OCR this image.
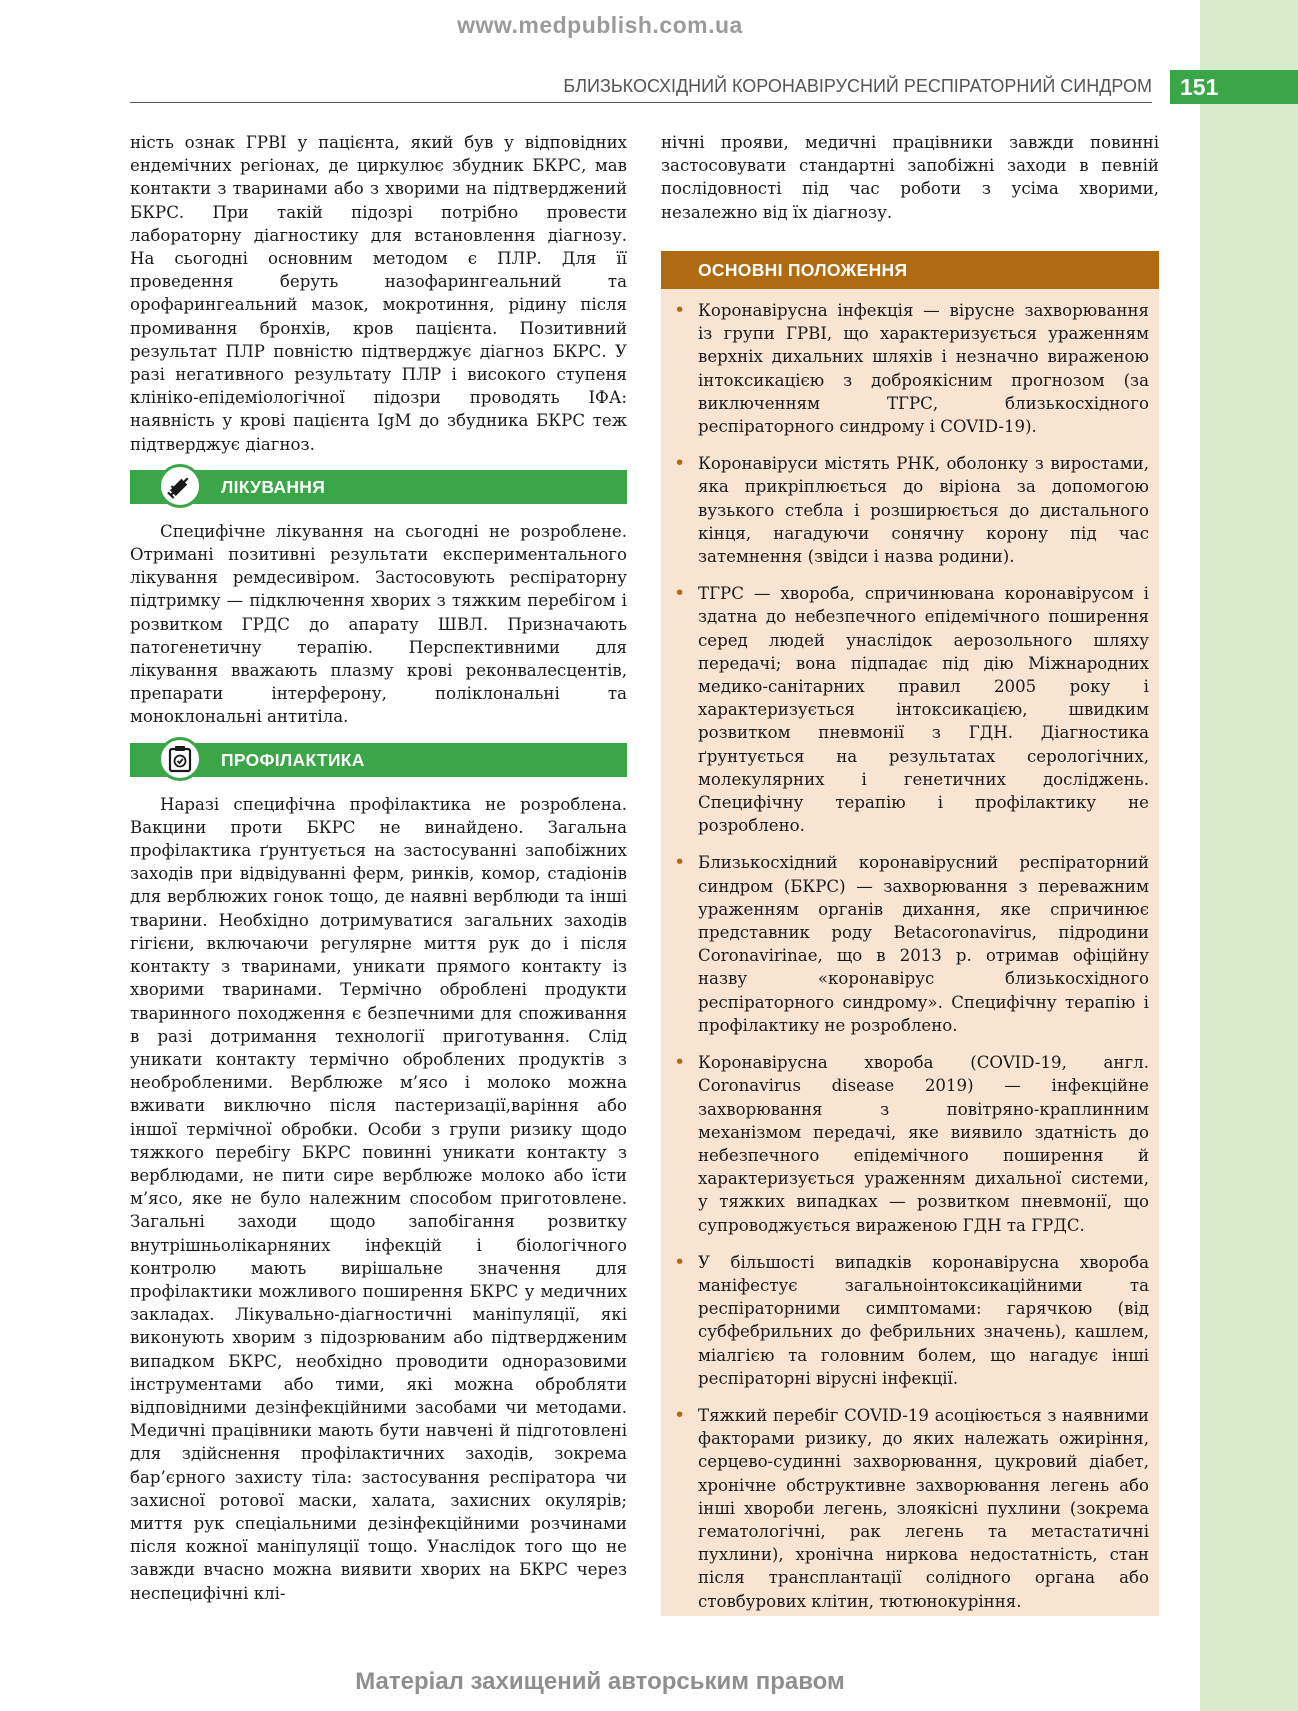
www.medpublish.com.ua
БЛИЗЬКОСХІДНИЙ КОРОНАВІРУСНИЙ РЕСПІРАТОРНИЙ СИНДРОМ	151

ність ознак ГРВІ у пацієнта, який був у відповідних ендемічних регіонах, де циркулює збудник БКРС, мав контакти з тваринами або з хворими на підтверджений БКРС. При такій підозрі потрібно провести лабораторну діагностику для встановлення діагнозу. На сьогодні основним методом є ПЛР. Для її проведення беруть назофарингеальний та орофарингеальний мазок, мокротиння, рідину після промивання бронхів, кров пацієнта. Позитивний результат ПЛР повністю підтверджує діагноз БКРС. У разі негативного результату ПЛР і високого ступеня клініко-епідеміологічної підозри проводять ІФА: наявність у крові пацієнта IgM до збудника БКРС теж підтверджує діагноз.

ЛІКУВАННЯ

Специфічне лікування на сьогодні не розроблене. Отримані позитивні результати експериментального лікування ремдесивіром. Застосовують респіраторну підтримку — підключення хворих з тяжким перебігом і розвитком ГРДС до апарату ШВЛ. Призначають патогенетичну терапію. Перспективними для лікування вважають плазму крові реконвалесцентів, препарати інтерферону, поліклональні та моноклональні антитіла.

ПРОФІЛАКТИКА

Наразі специфічна профілактика не розроблена. Вакцини проти БКРС не винайдено. Загальна профілактика ґрунтується на застосуванні запобіжних заходів при відвідуванні ферм, ринків, комор, стадіонів для верблюжих гонок тощо, де наявні верблюди та інші тварини. Необхідно дотримуватися загальних заходів гігієни, включаючи регулярне миття рук до і після контакту з тваринами, уникати прямого контакту із хворими тваринами. Термічно оброблені продукти тваринного походження є безпечними для споживання в разі дотримання технології приготування. Слід уникати контакту термічно оброблених продуктів з необробленими. Верблюже м’ясо і молоко можна вживати виключно після пастеризації,варіння або іншої термічної обробки. Особи з групи ризику щодо тяжкого перебігу БКРС повинні уникати контакту з верблюдами, не пити сире верблюже молоко або їсти м’ясо, яке не було належним способом приготовлене. Загальні заходи щодо запобігання розвитку внутрішньолікарняних інфекцій і біологічного контролю мають вирішальне значення для профілактики можливого поширення БКРС у медичних закладах. Лікувально-діагностичні маніпуляції, які виконують хворим з підозрюваним або підтвердженим випадком БКРС, необхідно проводити одноразовими інструментами або тими, які можна обробляти відповідними дезінфекційними засобами чи методами. Медичні працівники мають бути навчені й підготовлені для здійснення профілактичних заходів, зокрема бар’єрного захисту тіла: застосування респіратора чи захисної ротової маски, халата, захисних окулярів; миття рук спеціальними дезінфекційними розчинами після кожної маніпуляції тощо. Унаслідок того що не завжди вчасно можна виявити хворих на БКРС через неспецифічні клі-

нічні прояви, медичні працівники завжди повинні застосовувати стандартні запобіжні заходи в певній послідовності під час роботи з усіма хворими, незалежно від їх діагнозу.

ОСНОВНІ ПОЛОЖЕННЯ
• Коронавірусна інфекція — вірусне захворювання із групи ГРВІ, що характеризується ураженням верхніх дихальних шляхів і незначно вираженою інтоксикацією з доброякісним прогнозом (за виключенням ТГРС, близькосхідного респіраторного синдрому і COVID-19).
• Коронавіруси містять РНК, оболонку з виростами, яка прикріплюється до віріона за допомогою вузького стебла і розширюється до дистального кінця, нагадуючи сонячну корону під час затемнення (звідси і назва родини).
• ТГРС — хвороба, спричинювана коронавірусом і здатна до небезпечного епідемічного поширення серед людей унаслідок аерозольного шляху передачі; вона підпадає під дію Міжнародних медико-санітарних правил 2005 року і характеризується інтоксикацією, швидким розвитком пневмонії з ГДН. Діагностика ґрунтується на результатах серологічних, молекулярних і генетичних досліджень. Специфічну терапію і профілактику не розроблено.
• Близькосхідний коронавірусний респіраторний синдром (БКРС) — захворювання з переважним ураженням органів дихання, яке спричинює представник роду Betacoronavirus, підродини Coronavirinae, що в 2013 р. отримав офіційну назву «коронавірус близькосхідного респіраторного синдрому». Специфічну терапію і профілактику не розроблено.
• Коронавірусна хвороба (COVID-19, англ. Coronavirus disease 2019) — інфекційне захворювання з повітряно-краплинним механізмом передачі, яке виявило здатність до небезпечного епідемічного поширення й характеризується ураженням дихальної системи, у тяжких випадках — розвитком пневмонії, що супроводжується вираженою ГДН та ГРДС.
• У більшості випадків коронавірусна хвороба маніфестує загальноінтоксикаційними та респіраторними симптомами: гарячкою (від субфебрильних до фебрильних значень), кашлем, міалгією та головним болем, що нагадує інші респіраторні вірусні інфекції.
• Тяжкий перебіг COVID-19 асоціюється з наявними факторами ризику, до яких належать ожиріння, серцево-судинні захворювання, цукровий діабет, хронічне обструктивне захворювання легень або інші хвороби легень, злоякісні пухлини (зокрема гематологічні, рак легень та метастатичні пухлини), хронічна ниркова недостатність, стан після трансплантації солідного органа або стовбурових клітин, тютюнокуріння.
Матеріал захищений авторським правом
